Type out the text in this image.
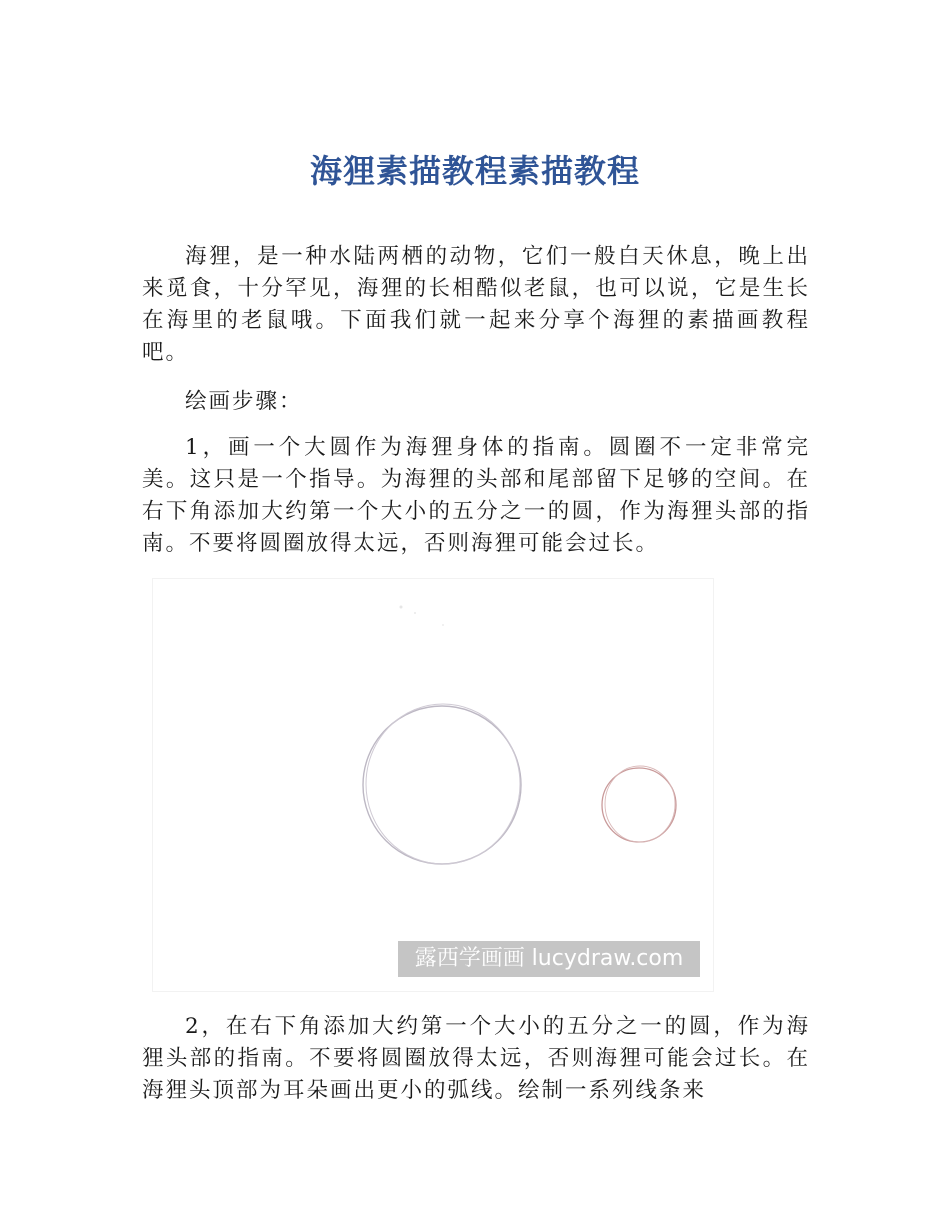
海狸素描教程素描教程

海狸，是一种水陆两栖的动物，它们一般白天休息，晚上出来觅食，十分罕见，海狸的长相酷似老鼠，也可以说，它是生长在海里的老鼠哦。下面我们就一起来分享个海狸的素描画教程吧。

绘画步骤：

1，画一个大圆作为海狸身体的指南。圆圈不一定非常完美。这只是一个指导。为海狸的头部和尾部留下足够的空间。在右下角添加大约第一个大小的五分之一的圆，作为海狸头部的指南。不要将圆圈放得太远，否则海狸可能会过长。

露西学画画 lucydraw.com

2，在右下角添加大约第一个大小的五分之一的圆，作为海狸头部的指南。不要将圆圈放得太远，否则海狸可能会过长。在海狸头顶部为耳朵画出更小的弧线。绘制一系列线条来
